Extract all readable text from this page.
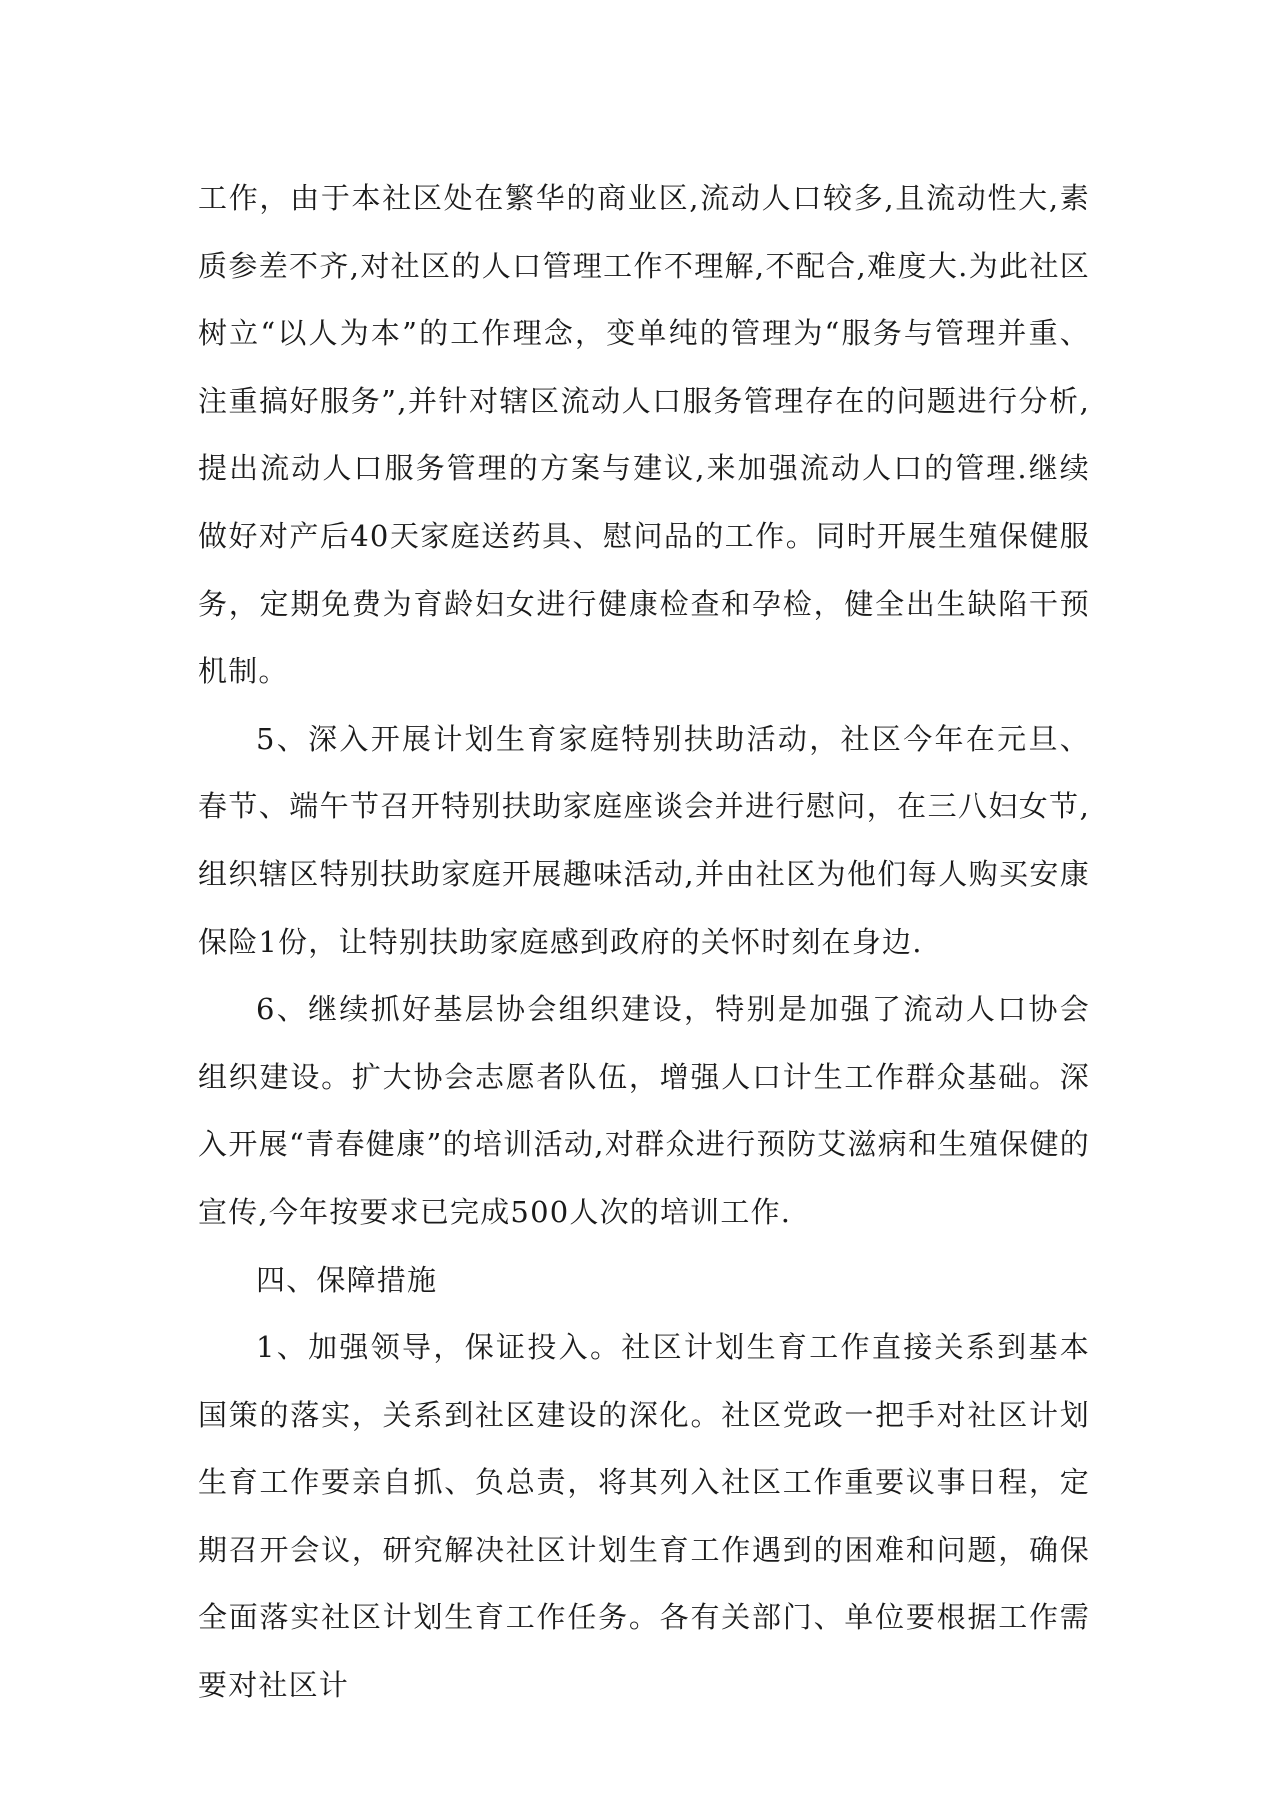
工作，由于本社区处在繁华的商业区,流动人口较多,且流动性大,素质参差不齐,对社区的人口管理工作不理解,不配合,难度大.为此社区树立“以人为本”的工作理念，变单纯的管理为“服务与管理并重、注重搞好服务”,并针对辖区流动人口服务管理存在的问题进行分析,提出流动人口服务管理的方案与建议,来加强流动人口的管理.继续做好对产后40天家庭送药具、慰问品的工作。同时开展生殖保健服务，定期免费为育龄妇女进行健康检查和孕检，健全出生缺陷干预机制。

5、深入开展计划生育家庭特别扶助活动，社区今年在元旦、春节、端午节召开特别扶助家庭座谈会并进行慰问，在三八妇女节,组织辖区特别扶助家庭开展趣味活动,并由社区为他们每人购买安康保险1份，让特别扶助家庭感到政府的关怀时刻在身边.

6、继续抓好基层协会组织建设，特别是加强了流动人口协会组织建设。扩大协会志愿者队伍，增强人口计生工作群众基础。深入开展“青春健康”的培训活动,对群众进行预防艾滋病和生殖保健的宣传,今年按要求已完成500人次的培训工作.

四、保障措施

1、加强领导，保证投入。社区计划生育工作直接关系到基本国策的落实，关系到社区建设的深化。社区党政一把手对社区计划生育工作要亲自抓、负总责，将其列入社区工作重要议事日程，定期召开会议，研究解决社区计划生育工作遇到的困难和问题，确保全面落实社区计划生育工作任务。各有关部门、单位要根据工作需要对社区计
